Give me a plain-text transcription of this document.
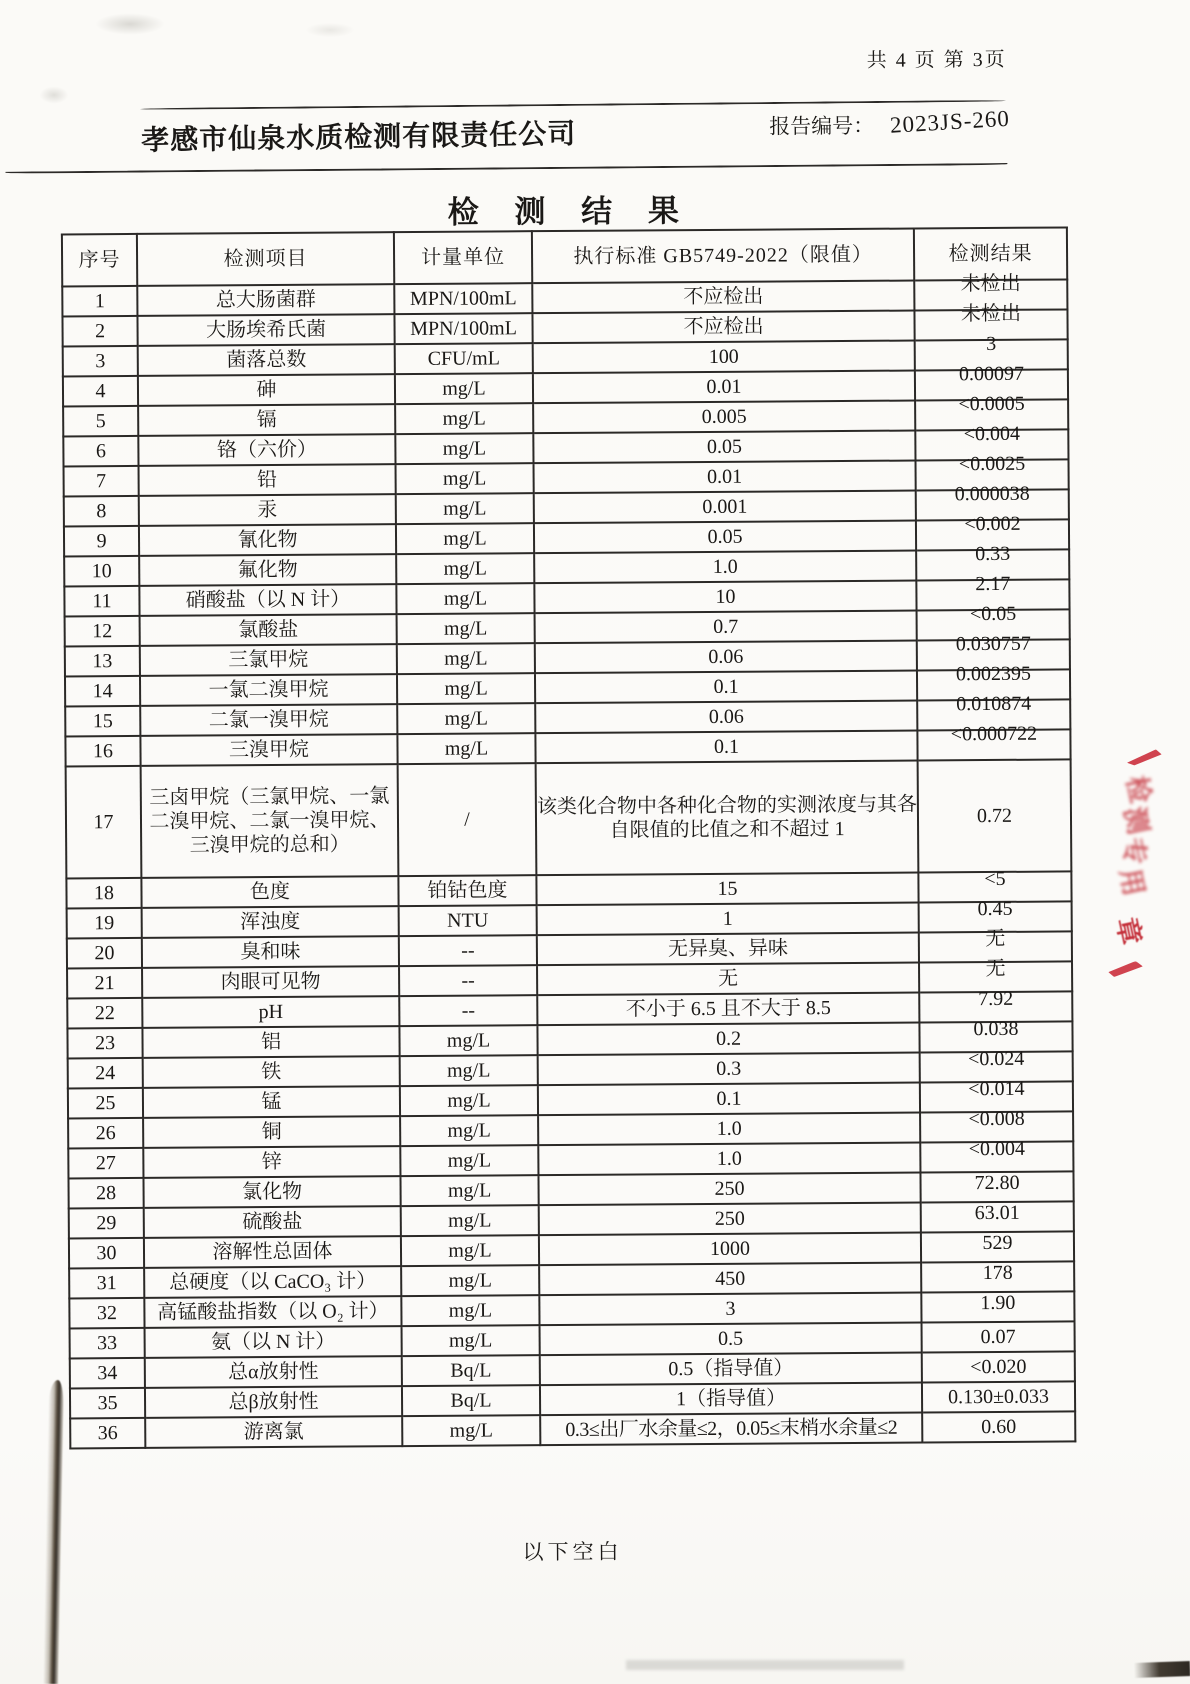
共 4 页 第 3页
孝感市仙泉水质检测有限责任公司	报告编号： 2023JS-260
检 测 结 果
序号	检测项目	计量单位	执行标准 GB5749-2022（限值）	检测结果
1	总大肠菌群	MPN/100mL	不应检出	未检出
2	大肠埃希氏菌	MPN/100mL	不应检出	未检出
3	菌落总数	CFU/mL	100	3
4	砷	mg/L	0.01	0.00097
5	镉	mg/L	0.005	<0.0005
6	铬（六价）	mg/L	0.05	<0.004
7	铅	mg/L	0.01	<0.0025
8	汞	mg/L	0.001	0.000038
9	氰化物	mg/L	0.05	<0.002
10	氟化物	mg/L	1.0	0.33
11	硝酸盐（以 N 计）	mg/L	10	2.17
12	氯酸盐	mg/L	0.7	<0.05
13	三氯甲烷	mg/L	0.06	0.030757
14	一氯二溴甲烷	mg/L	0.1	0.002395
15	二氯一溴甲烷	mg/L	0.06	0.010874
16	三溴甲烷	mg/L	0.1	<0.000722
17	三卤甲烷（三氯甲烷、一氯二溴甲烷、二氯一溴甲烷、三溴甲烷的总和）	/	该类化合物中各种化合物的实测浓度与其各自限值的比值之和不超过 1	0.72
18	色度	铂钴色度	15	<5
19	浑浊度	NTU	1	0.45
20	臭和味	--	无异臭、异味	无
21	肉眼可见物	--	无	无
22	pH	--	不小于 6.5 且不大于 8.5	7.92
23	铝	mg/L	0.2	0.038
24	铁	mg/L	0.3	<0.024
25	锰	mg/L	0.1	<0.014
26	铜	mg/L	1.0	<0.008
27	锌	mg/L	1.0	<0.004
28	氯化物	mg/L	250	72.80
29	硫酸盐	mg/L	250	63.01
30	溶解性总固体	mg/L	1000	529
31	总硬度（以 CaCO₃ 计）	mg/L	450	178
32	高锰酸盐指数（以 O₂ 计）	mg/L	3	1.90
33	氨（以 N 计）	mg/L	0.5	0.07
34	总α放射性	Bq/L	0.5（指导值）	<0.020
35	总β放射性	Bq/L	1（指导值）	0.130±0.033
36	游离氯	mg/L	0.3≤出厂水余量≤2，0.05≤末梢水余量≤2	0.60
以下空白
检
测
专
用
章
